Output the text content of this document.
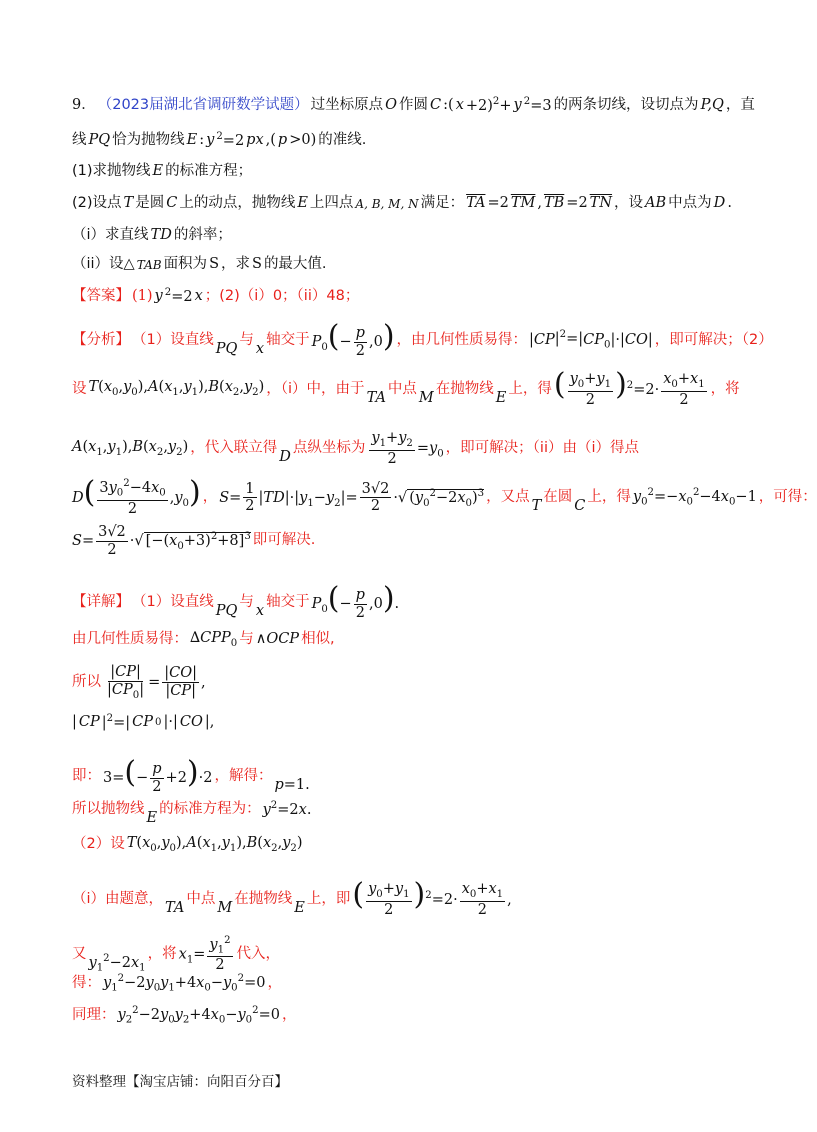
9． （2023届湖北省调研数学试题） 过坐标原点 O 作圆 C :( x +2)$^2$+ y $^2$=3 的两条切线，设切点为 P,Q ，直
线 PQ 恰为抛物线 E : y $^2$=2 px ,( p >0) 的准线.
(1)求抛物线 E 的标准方程；
(2)设点 T 是圆 C 上的动点，抛物线 E 上四点 A, B, M, N 满足： $\overline{TA} =2$ $\overline{TM}$ , $\overline{TB} =2$ $\overline{TN}$ ，设 AB 中点为 D .
（i）求直线 TD 的斜率；
（ii）设△ TAB 面积为 S ，求 S 的最大值.
【答案】 (1) y $^2$=2 x ；(2)（i）0；（ii）48；
【分析】 （1）设直线
PQ
与
x
轴交于 $P_0(- \frac{p}{2} ,0)$ ，由几何性质易得： $|CP|^2=|CP_0|\cdot|CO|$ ，即可解决；（2）
设 $T(x_0,y_0),A(x_1,y_1),B(x_2,y_2)$ ，（i）中，由于
TA
中点
M
在抛物线
E
上，得 ( $\frac{y_0+y_1}{2} )^2=2\cdot \frac{x_0+x_1}{2}$ ，将
$A(x_1,y_1),B(x_2,y_2)$ ，代入联立得
D
点纵坐标为 $\frac{y_1+y_2}{2} =y_0$ ，即可解决；（ii）由（i）得点
$D( \frac{3y_0^2-4x_0}{2} ,y_0)$ ， $S= \frac{1}{2} |TD|\cdot|y_1-y_2|= \frac{3√2}{2}$ ·√ $(y_0^2-2x_0)^3$ ，又点
T
在圆
C
上，得 $y_0^2=-x_0^2-4x_0-1$ ，可得：
$S= \frac{3√2}{2}$ ·√ $[-(x_0+3)^2+8]^3$ 即可解决.
【详解】 （1）设直线
PQ
与
x
轴交于 $P_0(- \frac{p}{2} ,0)$.
由几何性质易得： $\Delta CPP_0$ 与 ∧OCP 相似,
所以 $\frac{|CP|}{|CP_0|} = \frac{|CO|}{|CP|}$ ,
| CP $|^2=|$ CP 0 |·| CO |,
即： $3=(- \frac{p}{2} +2)\cdot 2$ ，解得：
p=1.
所以抛物线
E
的标准方程为： $y^2=2x$.
（2）设 $T(x_0,y_0),A(x_1,y_1),B(x_2,y_2)$
（i）由题意，
TA
中点
M
在抛物线
E
上，即 ( $\frac{y_0+y_1}{2} )^2=2\cdot \frac{x_0+x_1}{2}$ ,
又
$y_1^2-2x_1$
，将 $x_1= \frac{y_1^2}{2}$ 代入，
得： $y_1^2-2y_0y_1+4x_0-y_0^2=0$ ，
同理： $y_2^2-2y_0y_2+4x_0-y_0^2=0$ ，
资料整理【淘宝店铺：向阳百分百】
